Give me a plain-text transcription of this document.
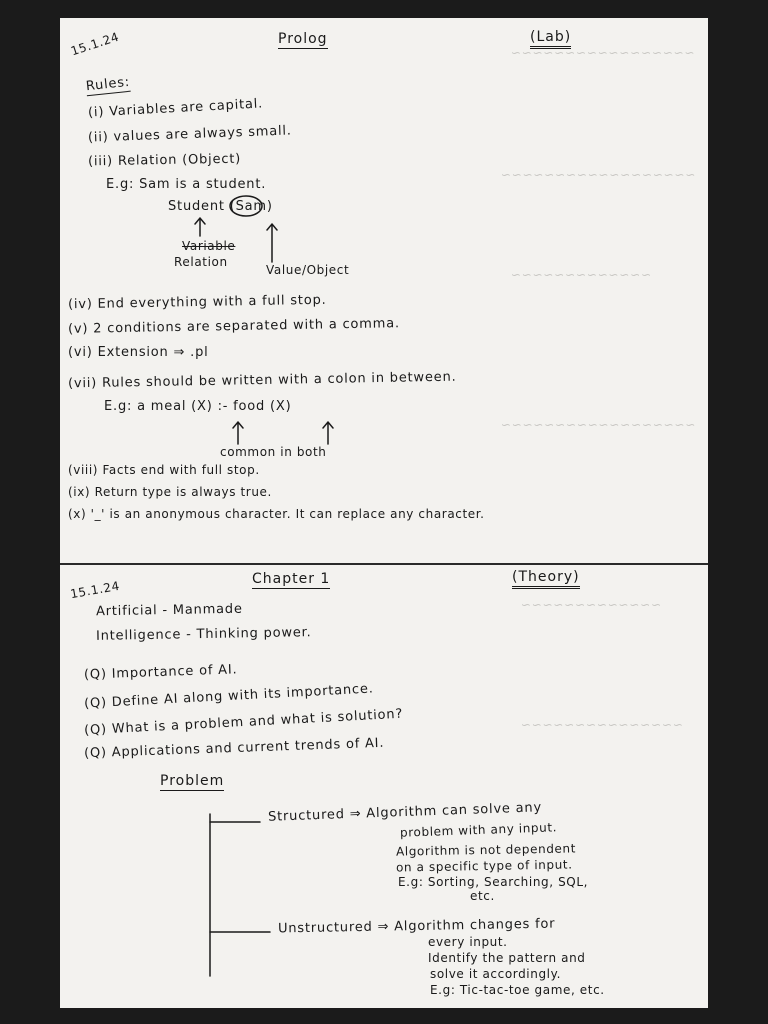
~~~~~~~~~~~~~~~~~
~~~~~~~~~~~~~~~~~~
~~~~~~~~~~~~~
~~~~~~~~~~~~~~~~~~
~~~~~~~~~~~~~
~~~~~~~~~~~~~~~
15.1.24	Prolog	(Lab)
Rules:
(i) Variables are capital.
(ii) values are always small.
(iii) Relation (Object)
E.g: Sam is a student.
Student (Sam)
Variable
Relation
Value/Object
(iv) End everything with a full stop.
(v) 2 conditions are separated with a comma.
(vi) Extension ⇒ .pl
(vii) Rules should be written with a colon in between.
E.g: a meal (X) :- food (X)
common in both
(viii) Facts end with full stop.
(ix) Return type is always true.
(x) '_' is an anonymous character. It can replace any character.
15.1.24	Chapter 1	(Theory)
Artificial - Manmade
Intelligence - Thinking power.
(Q) Importance of AI.
(Q) Define AI along with its importance.
(Q) What is a problem and what is solution?
(Q) Applications and current trends of AI.
Problem
Structured ⇒ Algorithm can solve any
problem with any input.
Algorithm is not dependent
on a specific type of input.
E.g: Sorting, Searching, SQL,
etc.
Unstructured ⇒ Algorithm changes for
every input.
Identify the pattern and
solve it accordingly.
E.g: Tic-tac-toe game, etc.
